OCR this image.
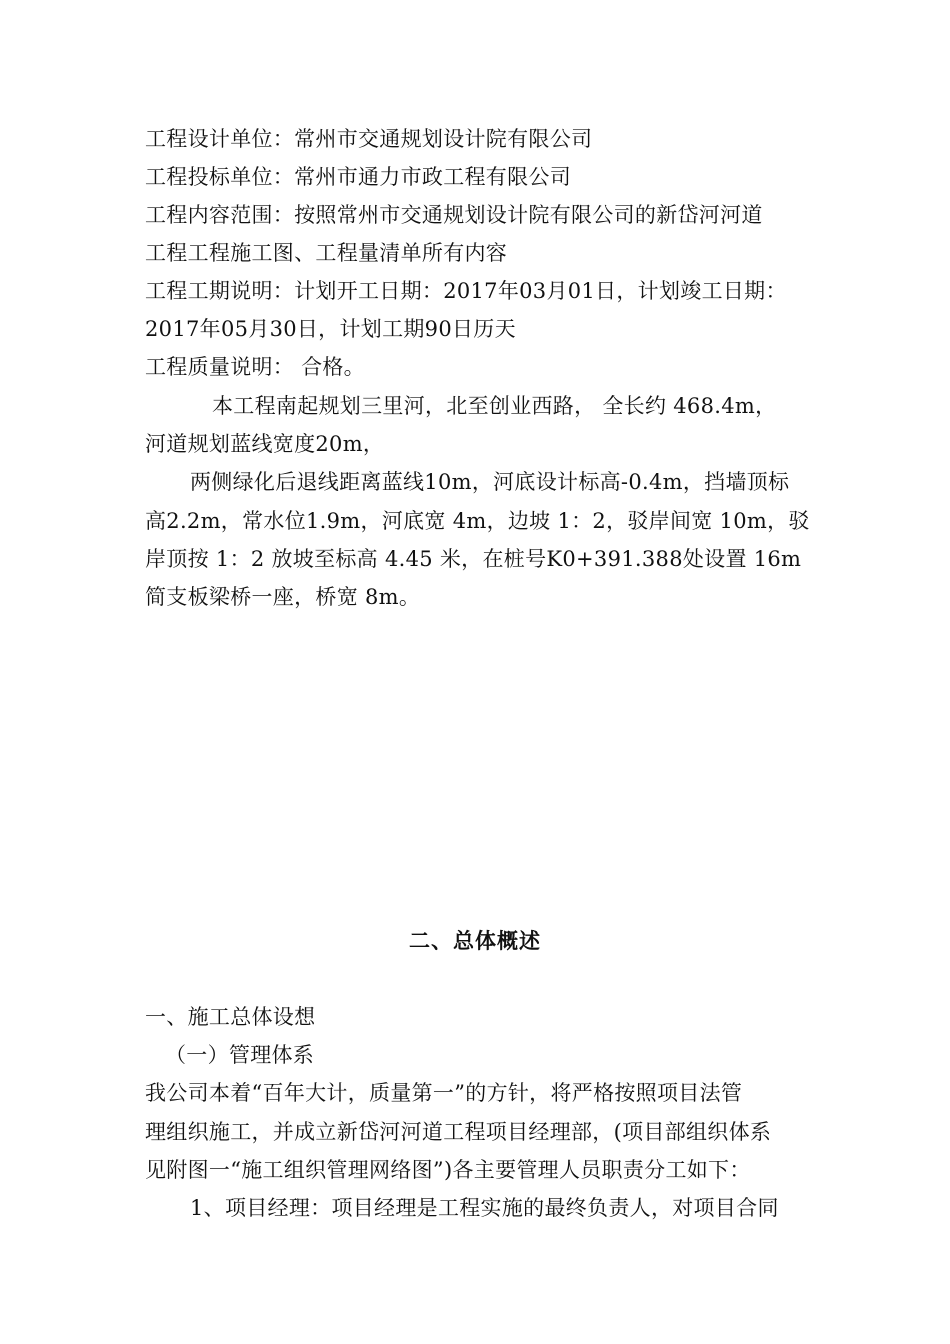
工程设计单位：常州市交通规划设计院有限公司
工程投标单位：常州市通力市政工程有限公司
工程内容范围：按照常州市交通规划设计院有限公司的新岱河河道
工程工程施工图、工程量清单所有内容
工程工期说明：计划开工日期：2017年03月01日，计划竣工日期：
2017年05月30日，计划工期90日历天
工程质量说明： 合格。
本工程南起规划三里河，北至创业西路， 全长约 468.4m，
河道规划蓝线宽度20m，
两侧绿化后退线距离蓝线10m，河底设计标高-0.4m，挡墙顶标
高2.2m，常水位1.9m，河底宽 4m，边坡 1：2，驳岸间宽 10m，驳
岸顶按 1：2 放坡至标高 4.45 米，在桩号K0+391.388处设置 16m
简支板梁桥一座，桥宽 8m。
二、总体概述
一、施工总体设想
（一）管理体系
我公司本着“百年大计，质量第一”的方针，将严格按照项目法管
理组织施工，并成立新岱河河道工程项目经理部，(项目部组织体系
见附图一“施工组织管理网络图”)各主要管理人员职责分工如下：
1、项目经理：项目经理是工程实施的最终负责人，对项目合同
